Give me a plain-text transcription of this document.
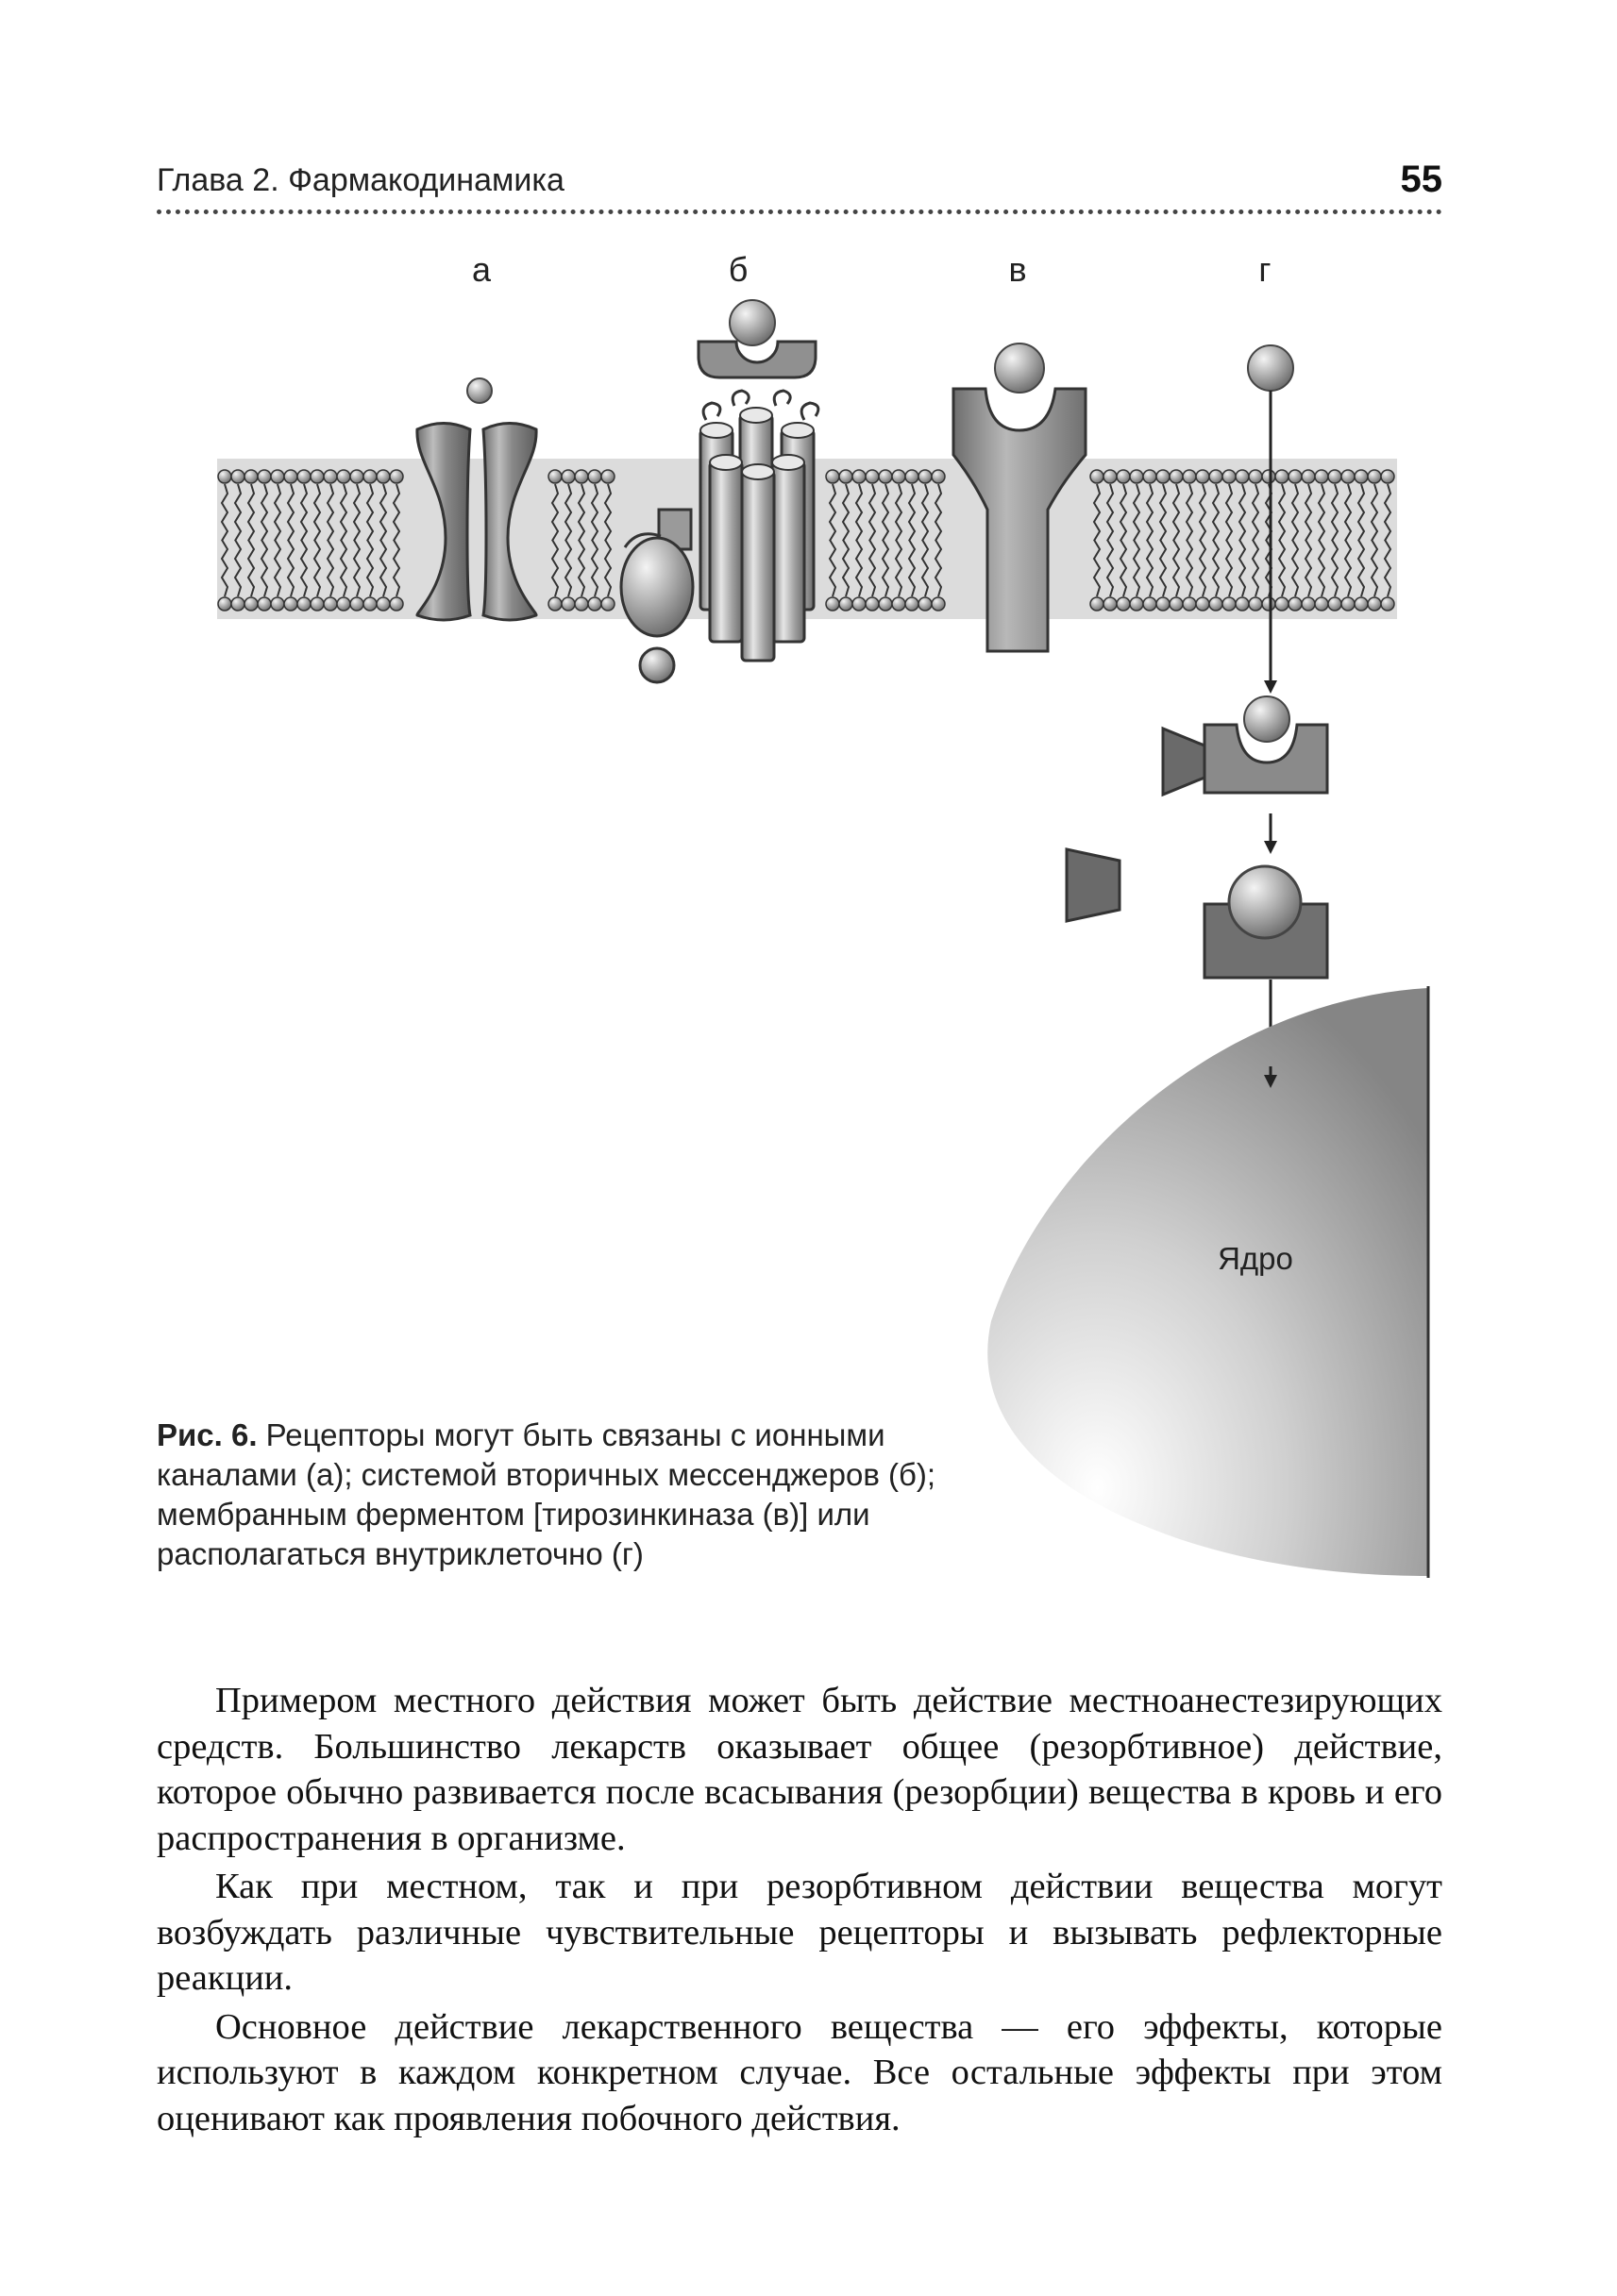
Глава 2. Фармакодинамика	55
а	б	в	г
Ядро

Рис. 6. Рецепторы могут быть связаны с ионными каналами (а); системой вторичных мессенджеров (б); мембранным ферментом [тирозинкиназа (в)] или располагаться внутриклеточно (г)

Примером местного действия может быть действие местноанестезирующих средств. Большинство лекарств оказывает общее (резорбтивное) действие, которое обычно развивается после всасывания (резорбции) вещества в кровь и его распространения в организме.

Как при местном, так и при резорбтивном действии вещества могут возбуждать различные чувствительные рецепторы и вызывать рефлекторные реакции.

Основное действие лекарственного вещества — его эффекты, которые используют в каждом конкретном случае. Все остальные эффекты при этом оценивают как проявления побочного действия.
